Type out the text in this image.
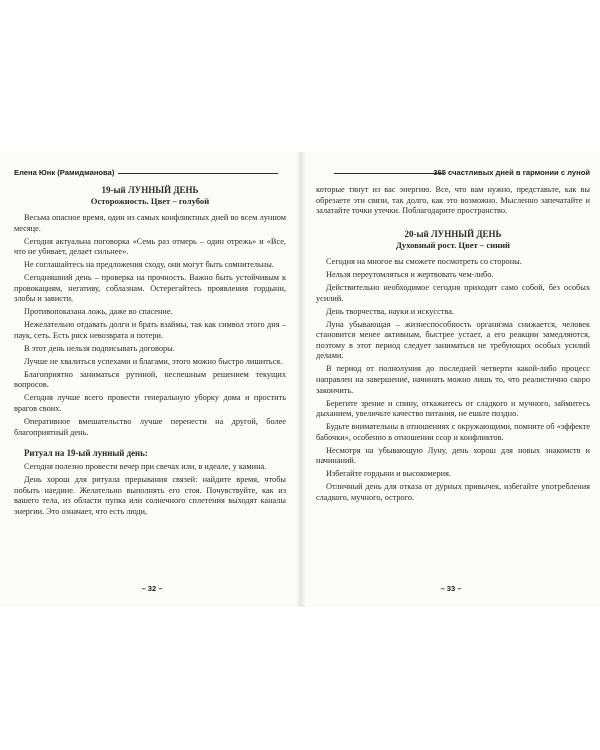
Елена Юнк (Рамидманова)
19-ый ЛУННЫЙ ДЕНЬ
Осторожность. Цвет – голубой

Весьма опасное время, один из самых конфликтных дней во всем лунном месяце.

Сегодня актуальна поговорка «Семь раз отмерь – один отрежь» и «Все, что не убивает, делает сильнее».

Не соглашайтесь на предложения сходу, они могут быть сомнительны.

Сегодняшний день – проверка на прочность. Важно быть устойчивым к провокациям, негативу, соблазнам. Остерегайтесь проявления гордыни, злобы и зависти.

Противопоказана ложь, даже во спасение.

Нежелательно отдавать долги и брать взаймы, так как символ этого дня – паук, сеть. Есть риск невозврата и потери.

В этот день нельзя подписывать договоры.

Лучше не хвалиться успехами и благами, этого можно быстро лишиться.

Благоприятно заниматься рутиной, неспешным решением текущих вопросов.

Сегодня лучше всего провести генеральную уборку дома и простить врагов своих.

Оперативное вмешательство лучше перенести на другой, более благоприятный день.

Ритуал на 19-ый лунный день:

Сегодня полезно провести вечер при свечах или, в идеале, у камина.

День хорош для ритуала прерывания связей: найдите время, чтобы побыть наедине. Желательно выполнять его стоя. Почувствуйте, как из вашего тела, из области пупка или солнечного сплетения выходят каналы энергии. Это означает, что есть люди,

– 32 –
365 счастливых дней в гармонии с луной

которые тянут из вас энергию. Все, что вам нужно, представьте, как вы обрезаете эти связи, так долго, как это возможно. Мысленно запечатайте и залатайте точки утечки. Поблагодарите пространство.

20-ый ЛУННЫЙ ДЕНЬ
Духовный рост. Цвет – синий

Сегодня на многое вы сможете посмотреть со стороны.

Нельзя переутомляться и жертвовать чем-либо.

Действительно необходимое сегодня приходит само собой, без особых усилий.

День творчества, науки и искусства.

Луна убывающая – жизнеспособность организма снижается, человек становится менее активным, быстрее устает, а его реакции замедляются, поэтому в этот период следует заниматься не требующих особых усилий делами.

В период от полнолуния до последней четверти какой-либо процесс направлен на завершение, начинать можно лишь то, что реалистично скоро закончить.

Берегите зрение и спину, откажитесь от сладкого и мучного, займитесь дыханием, увеличьте качество питания, не ешьте позднo.

Будьте внимательны в отношениях с окружающими, помните об «эффекте бабочки», особенно в отношении ссор и конфликтов.

Несмотря на убывающую Луну, день хорош для новых знакомств и начинаний.

Избегайте гордыни и высокомерия.

Отличный день для отказа от дурных привычек, избегайте употребления сладкого, мучного, острого.

– 33 –
